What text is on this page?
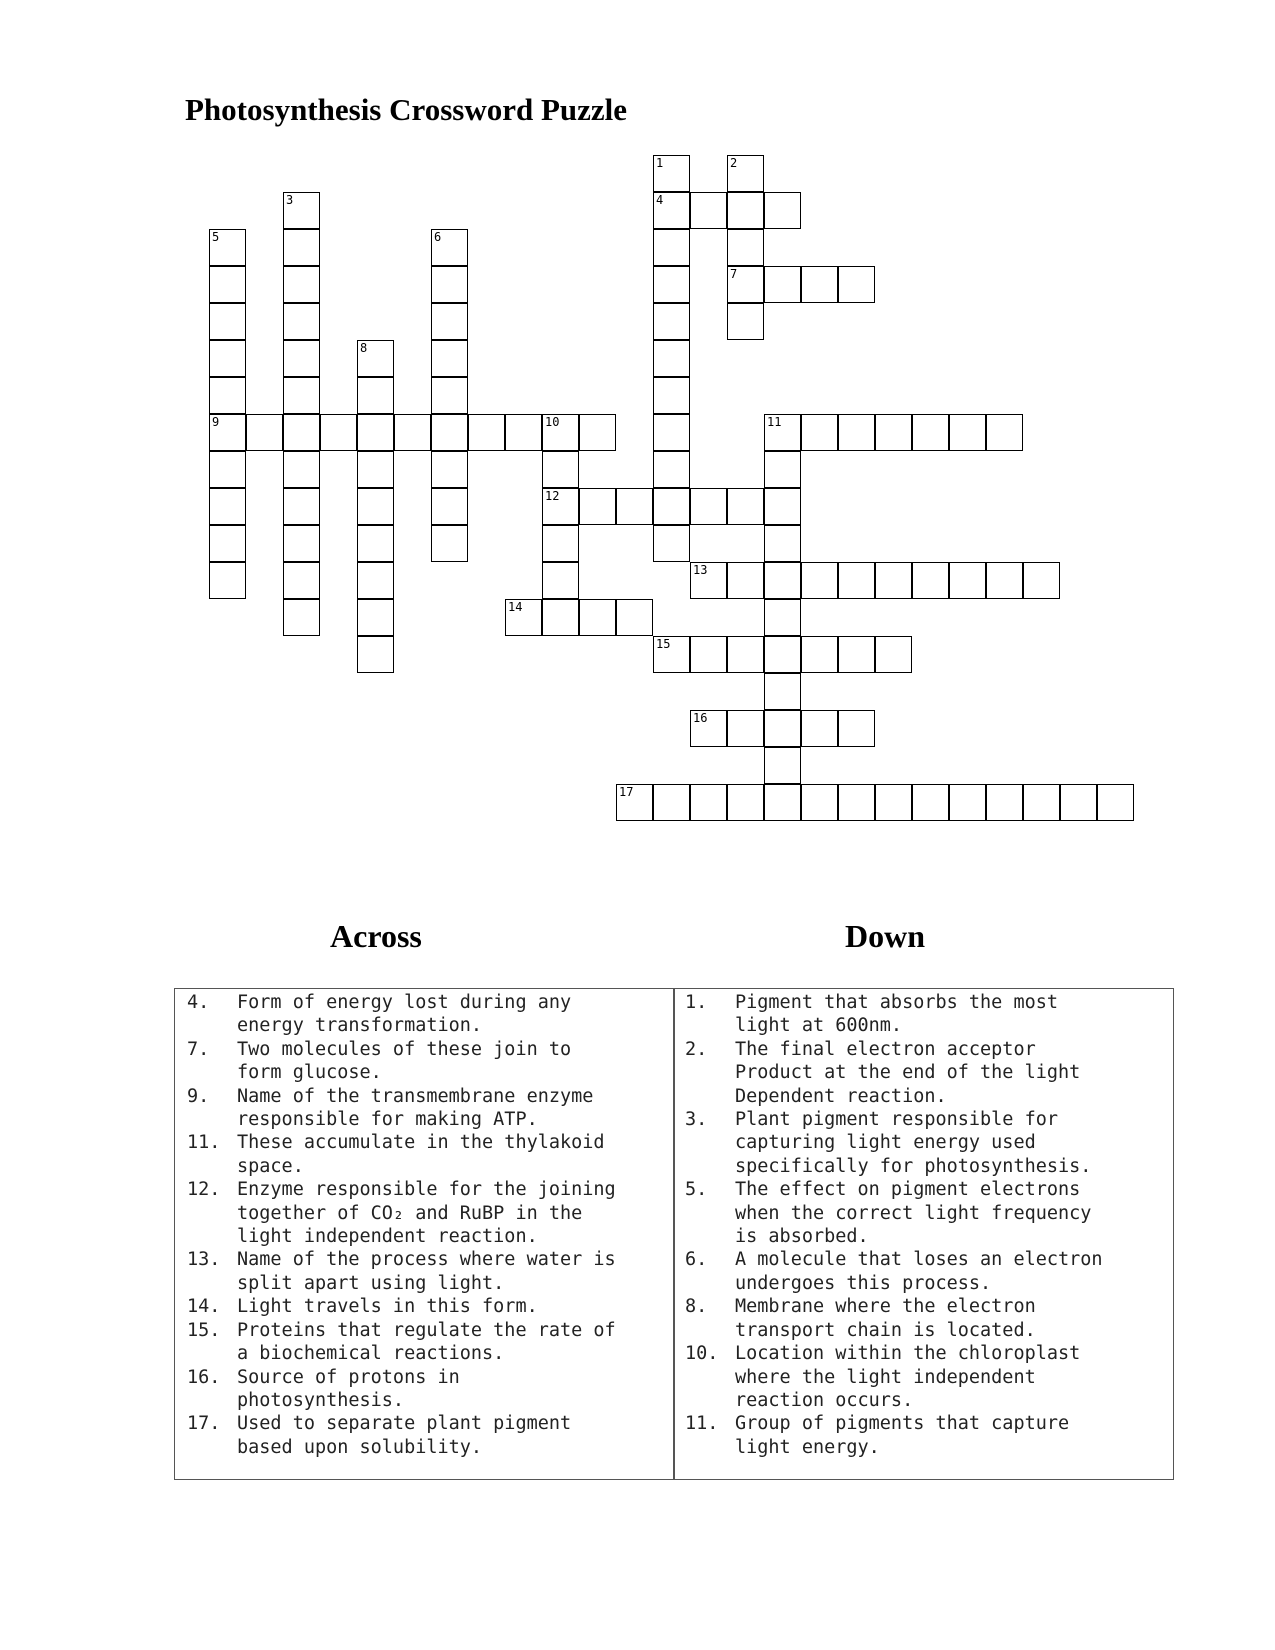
Photosynthesis Crossword Puzzle
1
4
2
7
3
5
9
6
8
10
12
11
13
14
15
16
17
Across	Down
4.	Form of energy lost during any
energy transformation.
7.	Two molecules of these join to
form glucose.
9.	Name of the transmembrane enzyme
responsible for making ATP.
11. These accumulate in the thylakoid
space.
12. Enzyme responsible for the joining
together of CO₂ and RuBP in the
light independent reaction.
13. Name of the process where water is
split apart using light.
14. Light travels in this form.
15. Proteins that regulate the rate of
a biochemical reactions.
16. Source of protons in
photosynthesis.
17. Used to separate plant pigment
based upon solubility.
1.	Pigment that absorbs the most
light at 600nm.
2.	The final electron acceptor
Product at the end of the light
Dependent reaction.
3.	Plant pigment responsible for
capturing light energy used
specifically for photosynthesis.
5.	The effect on pigment electrons
when the correct light frequency
is absorbed.
6.	A molecule that loses an electron
undergoes this process.
8.	Membrane where the electron
transport chain is located.
10. Location within the chloroplast
where the light independent
reaction occurs.
11. Group of pigments that capture
light energy.
